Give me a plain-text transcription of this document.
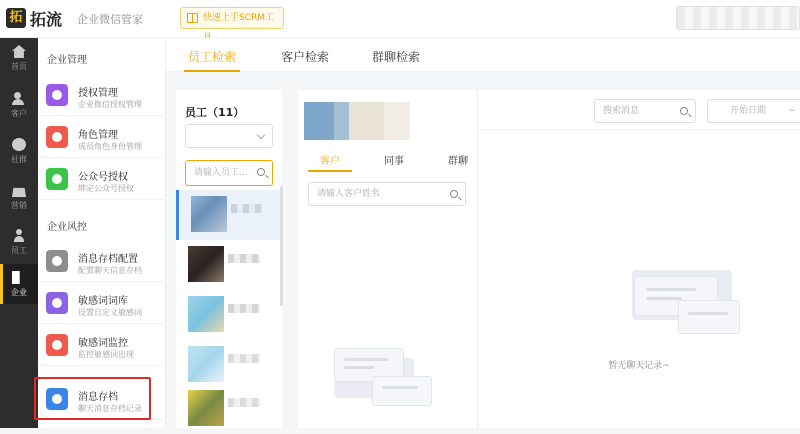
拓 拓流 企业微信管家	快速上手SCRM工
首页
客户
社群
营销
员工
企业
企业管理
授权管理
企业微信授权管理
角色管理
成员角色身份管理
公众号授权
绑定公众号授权
企业风控
消息存档配置
配置聊天信息存档
敏感词词库
设置自定义敏感词
敏感词监控
监控敏感词出现
消息存档
聊天消息存档记录
员工检索	客户检索	群聊检索
员工（11）
请输入员工...
客户	同事	群聊
请输入客户姓名
搜索消息	开始日期 ~
暂无聊天记录~
